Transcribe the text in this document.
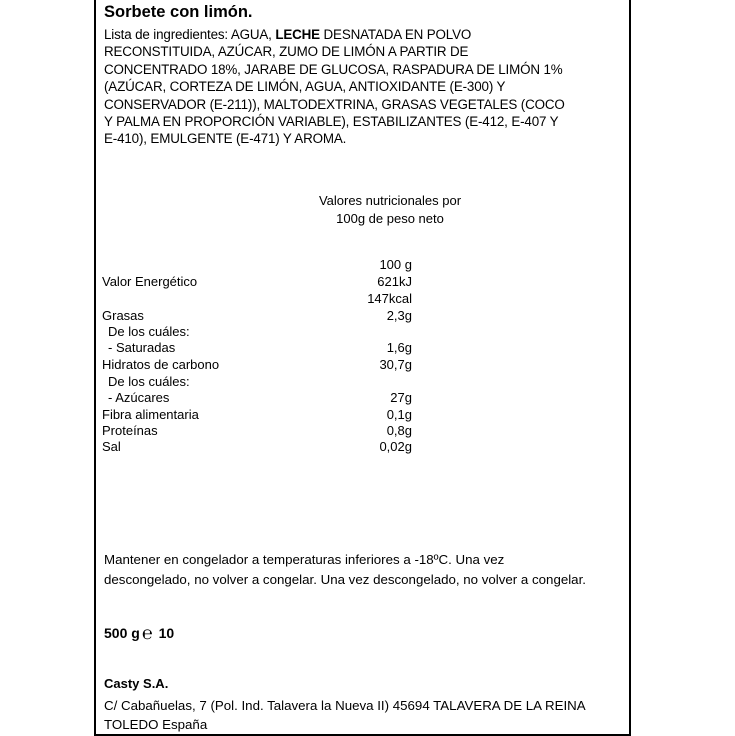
Sorbete con limón.
Lista de ingredientes: AGUA, LECHE DESNATADA EN POLVO
RECONSTITUIDA, AZÚCAR, ZUMO DE LIMÓN A PARTIR DE
CONCENTRADO 18%, JARABE DE GLUCOSA, RASPADURA DE LIMÓN 1%
(AZÚCAR, CORTEZA DE LIMÓN, AGUA, ANTIOXIDANTE (E-300) Y
CONSERVADOR (E-211)), MALTODEXTRINA, GRASAS VEGETALES (COCO
Y PALMA EN PROPORCIÓN VARIABLE), ESTABILIZANTES (E-412, E-407 Y
E-410), EMULGENTE (E-471) Y AROMA.
Valores nutricionales por
100g de peso neto
100 g
Valor Energético	621kJ
147kcal
Grasas	2,3g
De los cuáles:
- Saturadas	1,6g
Hidratos de carbono	30,7g
De los cuáles:
- Azúcares	27g
Fibra alimentaria	0,1g
Proteínas	0,8g
Sal	0,02g
Mantener en congelador a temperaturas inferiores a -18ºC. Una vez
descongelado, no volver a congelar. Una vez descongelado, no volver a congelar.
500 g ℮ 10
Casty S.A.
C/ Cabañuelas, 7 (Pol. Ind. Talavera la Nueva II) 45694 TALAVERA DE LA REINA
TOLEDO España
